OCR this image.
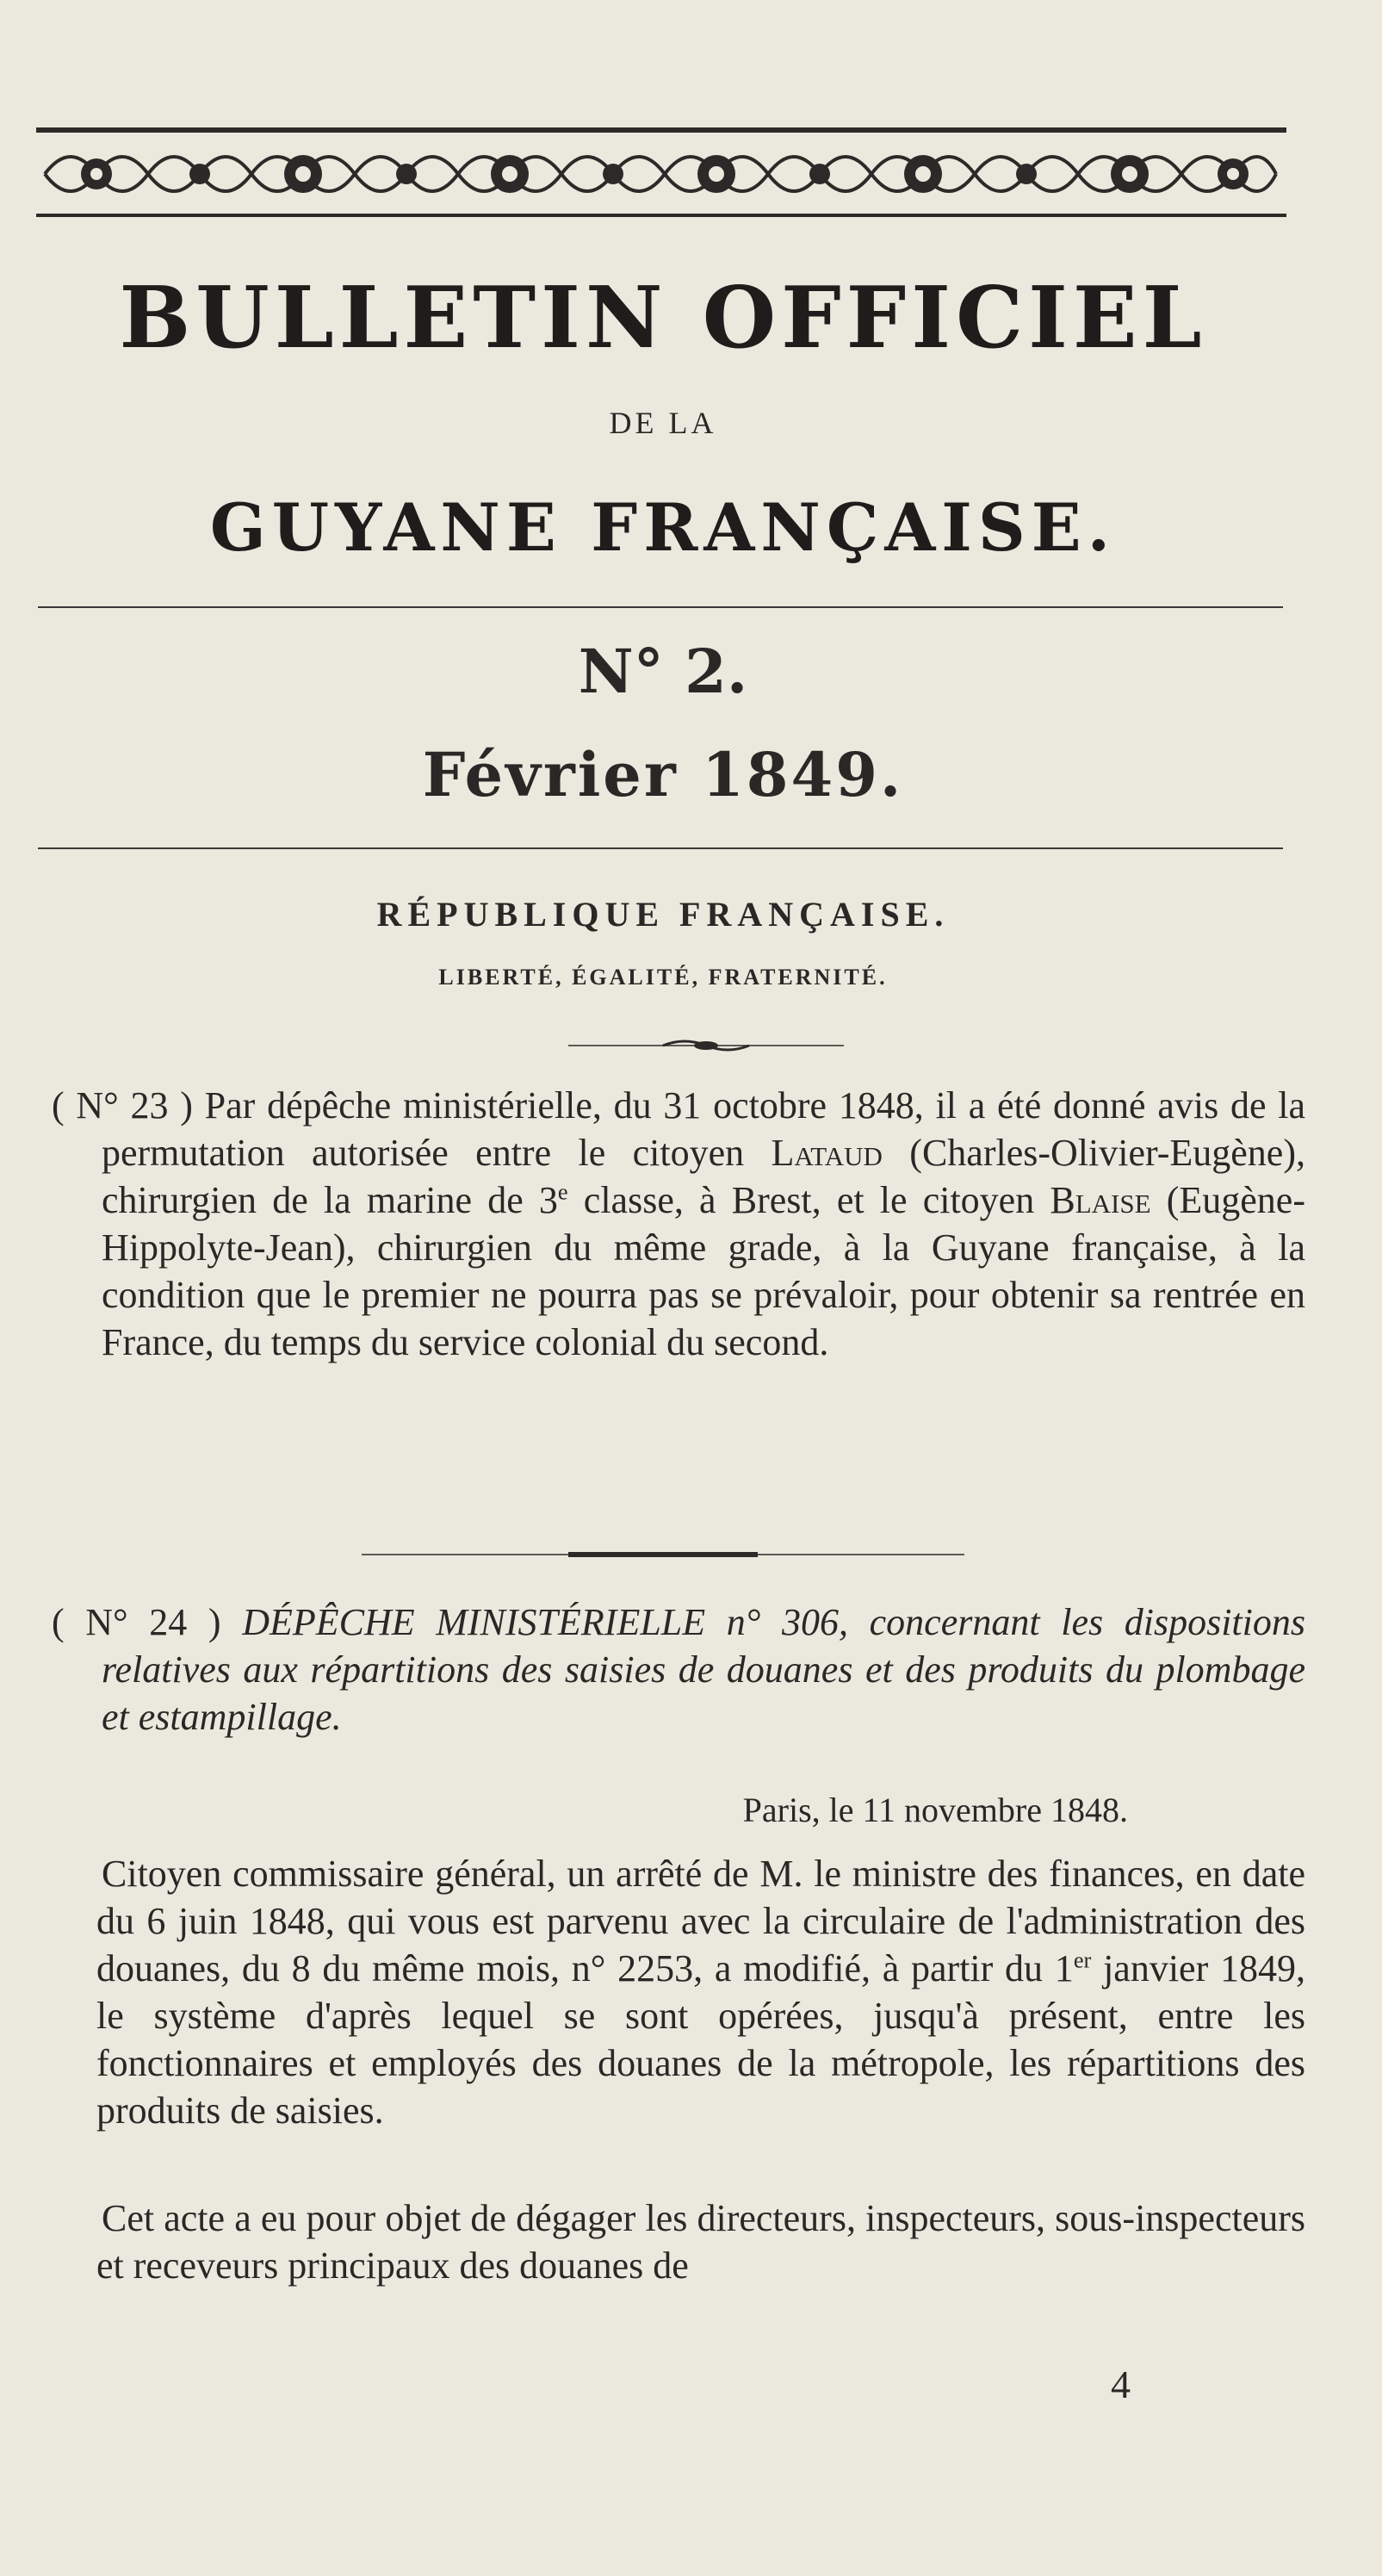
BULLETIN OFFICIEL
DE LA
GUYANE FRANÇAISE.
N° 2.
Février 1849.
RÉPUBLIQUE FRANÇAISE.
LIBERTÉ, ÉGALITÉ, FRATERNITÉ.

( N° 23 ) Par dépêche ministérielle, du 31 octobre 1848, il a été donné avis de la permutation autorisée entre le citoyen Lataud (Charles-Olivier-Eugène), chirurgien de la marine de 3e classe, à Brest, et le citoyen Blaise (Eugène-Hippolyte-Jean), chirurgien du même grade, à la Guyane française, à la condition que le premier ne pourra pas se prévaloir, pour obtenir sa rentrée en France, du temps du service colonial du second.

( N° 24 ) DÉPÊCHE MINISTÉRIELLE n° 306, concernant les dispositions relatives aux répartitions des saisies de douanes et des produits du plombage et estampillage.

Paris, le 11 novembre 1848.

Citoyen commissaire général, un arrêté de M. le ministre des finances, en date du 6 juin 1848, qui vous est parvenu avec la circulaire de l'administration des douanes, du 8 du même mois, n° 2253, a modifié, à partir du 1er janvier 1849, le système d'après lequel se sont opérées, jusqu'à présent, entre les fonctionnaires et employés des douanes de la métropole, les répartitions des produits de saisies.

Cet acte a eu pour objet de dégager les directeurs, inspecteurs, sous-inspecteurs et receveurs principaux des douanes de

4
